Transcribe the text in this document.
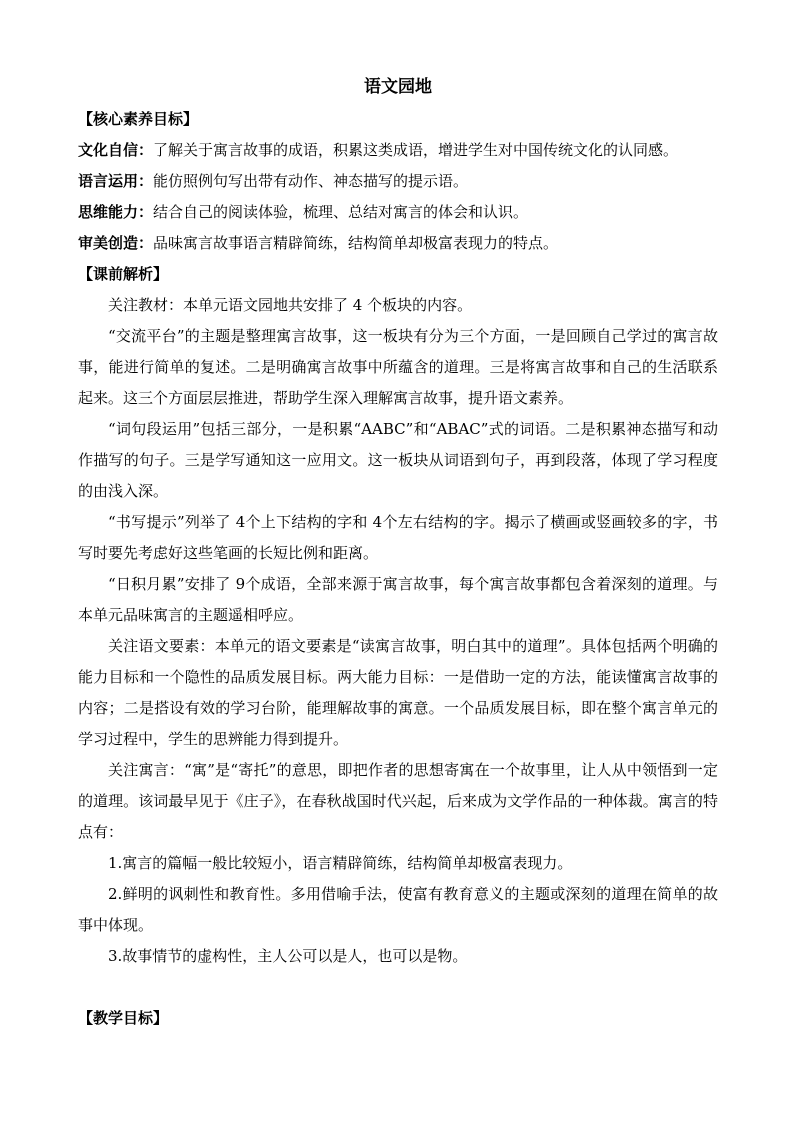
语文园地

【核心素养目标】

文化自信：了解关于寓言故事的成语，积累这类成语，增进学生对中国传统文化的认同感。

语言运用：能仿照例句写出带有动作、神态描写的提示语。

思维能力：结合自己的阅读体验，梳理、总结对寓言的体会和认识。

审美创造：品味寓言故事语言精辟简练，结构简单却极富表现力的特点。

【课前解析】

关注教材：本单元语文园地共安排了 4 个板块的内容。

“交流平台”的主题是整理寓言故事，这一板块有分为三个方面，一是回顾自己学过的寓言故事，能进行简单的复述。二是明确寓言故事中所蕴含的道理。三是将寓言故事和自己的生活联系起来。这三个方面层层推进，帮助学生深入理解寓言故事，提升语文素养。

“词句段运用”包括三部分，一是积累“AABC”和“ABAC”式的词语。二是积累神态描写和动作描写的句子。三是学写通知这一应用文。这一板块从词语到句子，再到段落，体现了学习程度的由浅入深。

“书写提示”列举了 4个上下结构的字和 4个左右结构的字。揭示了横画或竖画较多的字，书写时要先考虑好这些笔画的长短比例和距离。

“日积月累”安排了 9个成语，全部来源于寓言故事，每个寓言故事都包含着深刻的道理。与本单元品味寓言的主题遥相呼应。

关注语文要素：本单元的语文要素是“读寓言故事，明白其中的道理”。具体包括两个明确的能力目标和一个隐性的品质发展目标。两大能力目标：一是借助一定的方法，能读懂寓言故事的内容；二是搭设有效的学习台阶，能理解故事的寓意。一个品质发展目标，即在整个寓言单元的学习过程中，学生的思辨能力得到提升。

关注寓言：“寓”是“寄托”的意思，即把作者的思想寄寓在一个故事里，让人从中领悟到一定的道理。该词最早见于《庄子》，在春秋战国时代兴起，后来成为文学作品的一种体裁。寓言的特点有：

1.寓言的篇幅一般比较短小，语言精辟简练，结构简单却极富表现力。

2.鲜明的讽刺性和教育性。多用借喻手法，使富有教育意义的主题或深刻的道理在简单的故事中体现。

3.故事情节的虚构性，主人公可以是人，也可以是物。

【教学目标】
